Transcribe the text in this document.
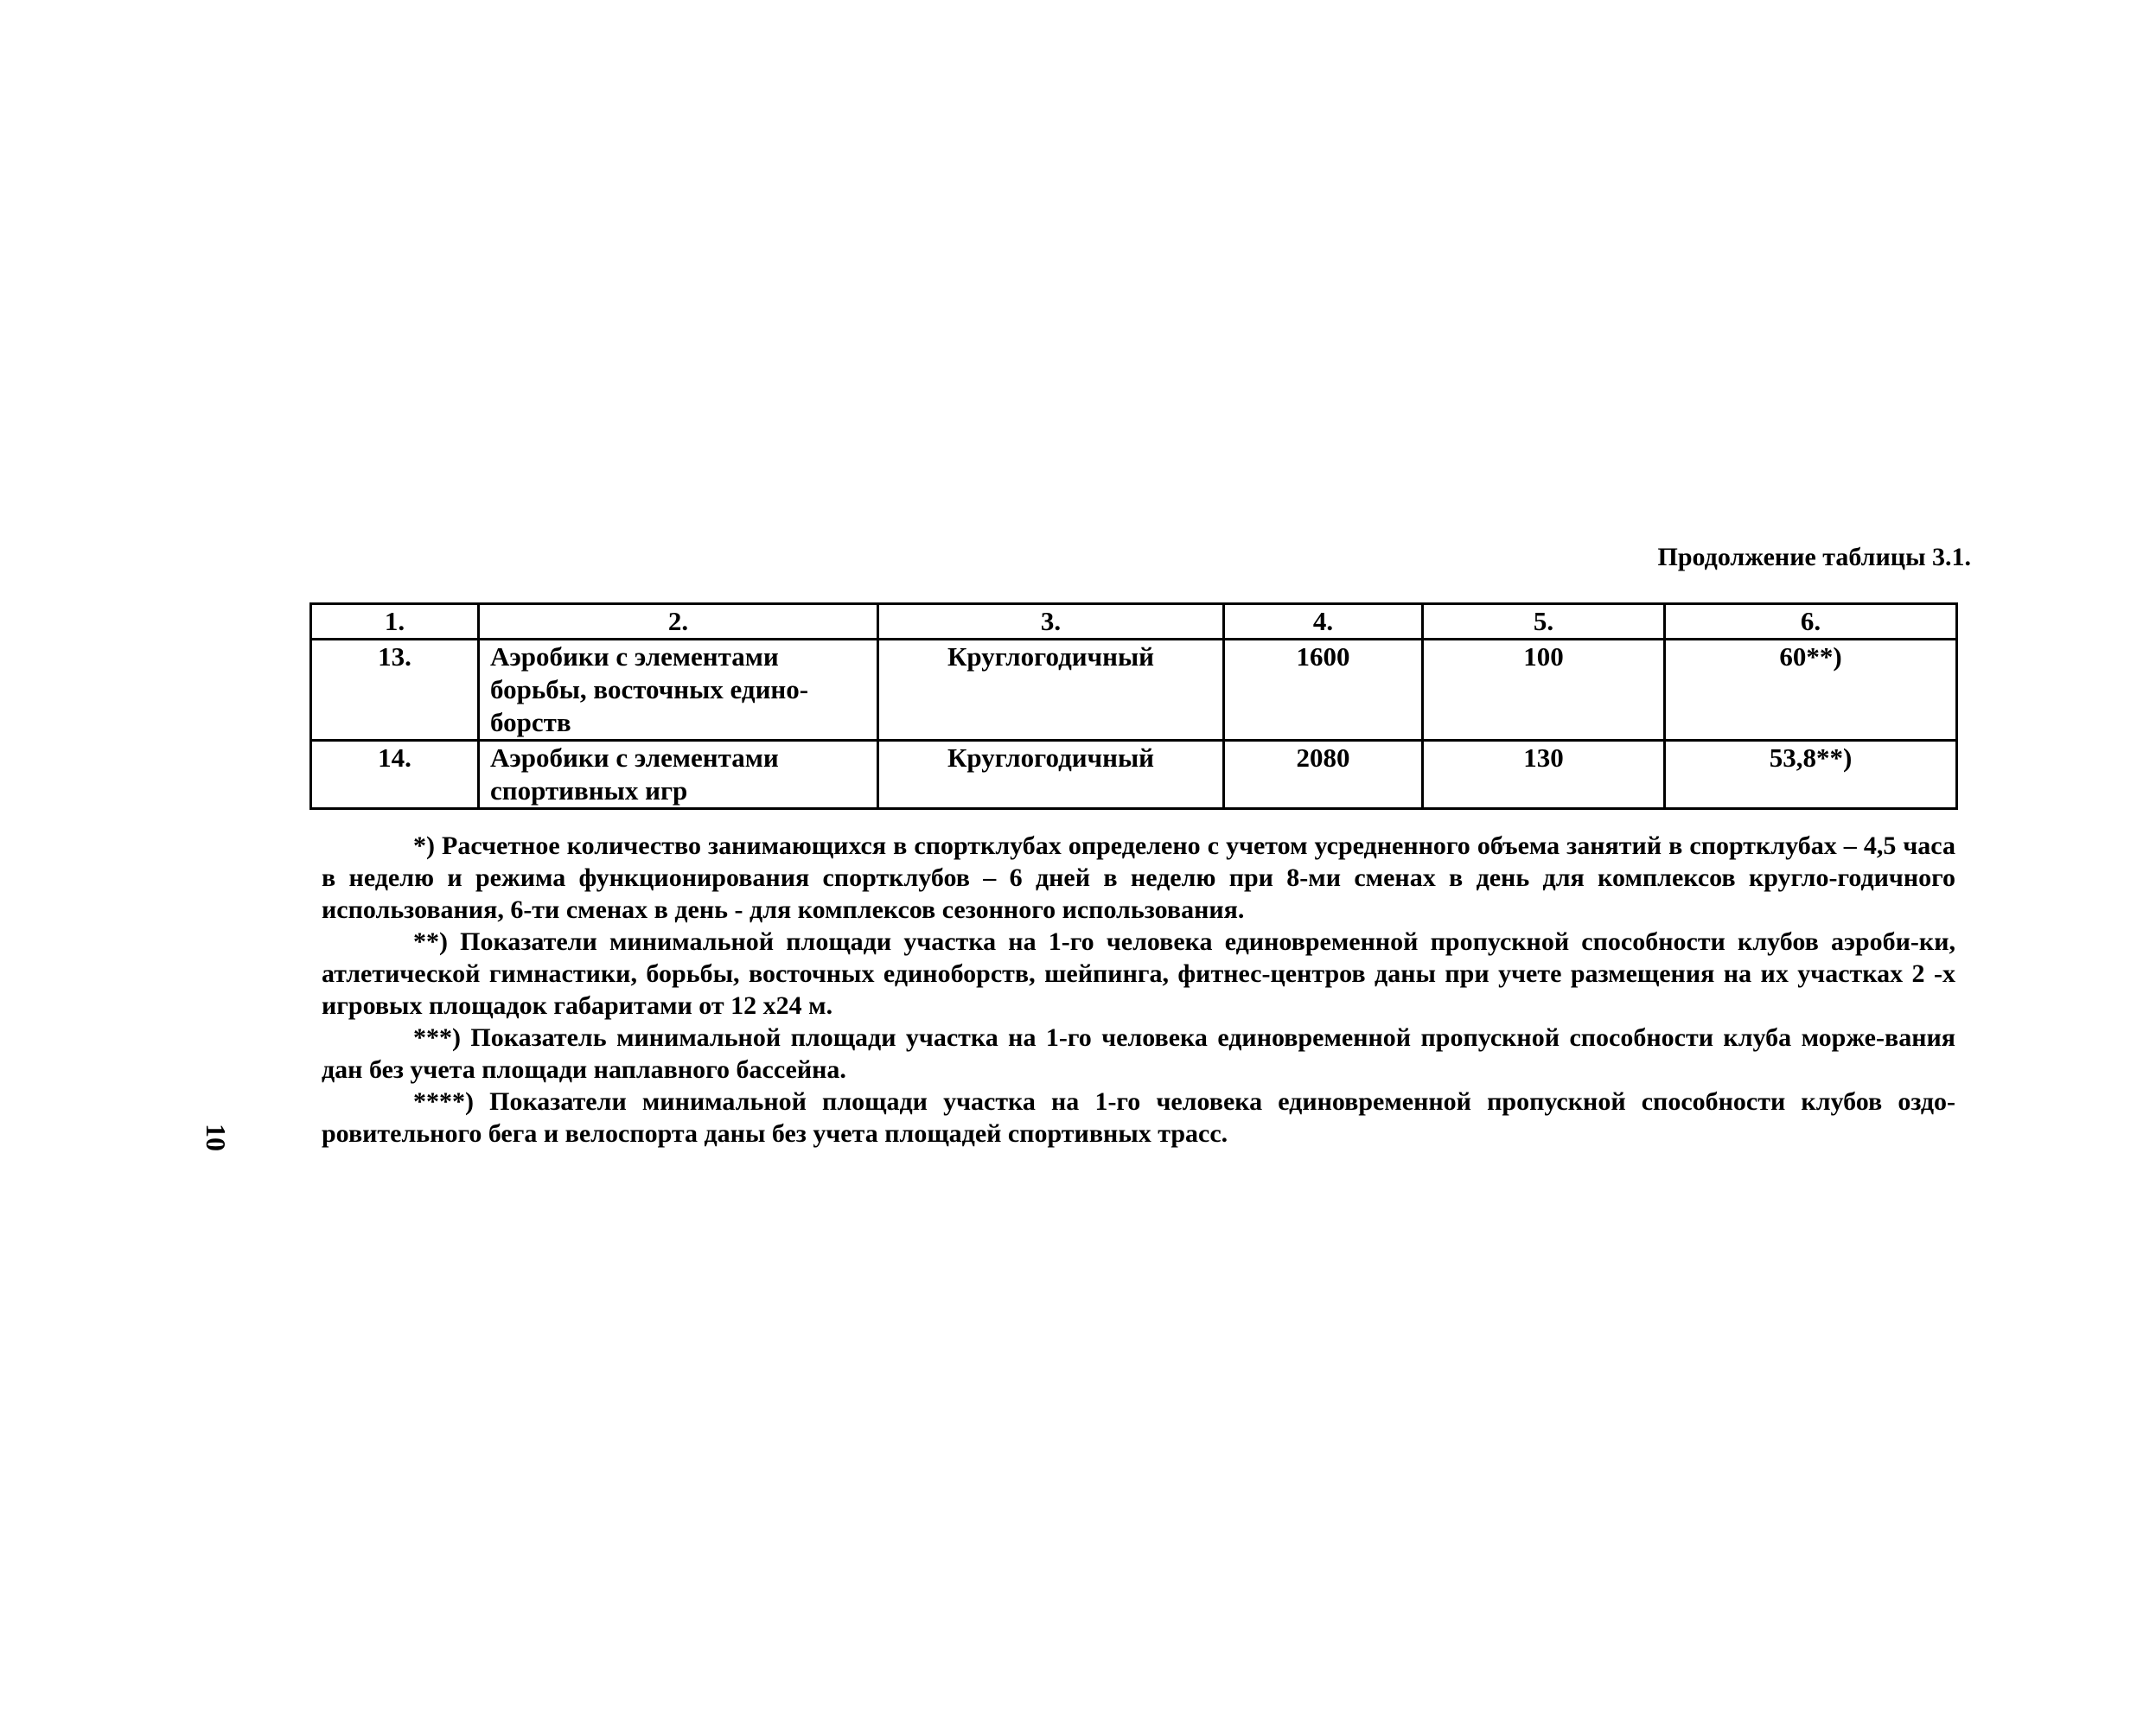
Продолжение таблицы 3.1.
1.	2.	3.	4.	5.	6.
13.	Аэробики с элементами борьбы, восточных едино-борств	Круглогодичный	1600	100	60**)
14.	Аэробики с элементами спортивных игр	Круглогодичный	2080	130	53,8**)

*) Расчетное количество занимающихся в спортклубах определено с учетом усредненного объема занятий в спортклубах – 4,5 часа в неделю и режима функционирования спортклубов – 6 дней в неделю при 8-ми сменах в день для комплексов кругло-годичного использования, 6-ти сменах в день - для комплексов сезонного использования.

**) Показатели минимальной площади участка на 1-го человека единовременной пропускной способности клубов аэроби-ки, атлетической гимнастики, борьбы, восточных единоборств, шейпинга, фитнес-центров даны при учете размещения на их участках 2 -х игровых площадок габаритами от 12 х24 м.

***) Показатель минимальной площади участка на 1-го человека единовременной пропускной способности клуба морже-вания дан без учета площади наплавного бассейна.

****) Показатели минимальной площади участка на 1-го человека единовременной пропускной способности клубов оздо-ровительного бега и велоспорта даны без учета площадей спортивных трасс.

10
